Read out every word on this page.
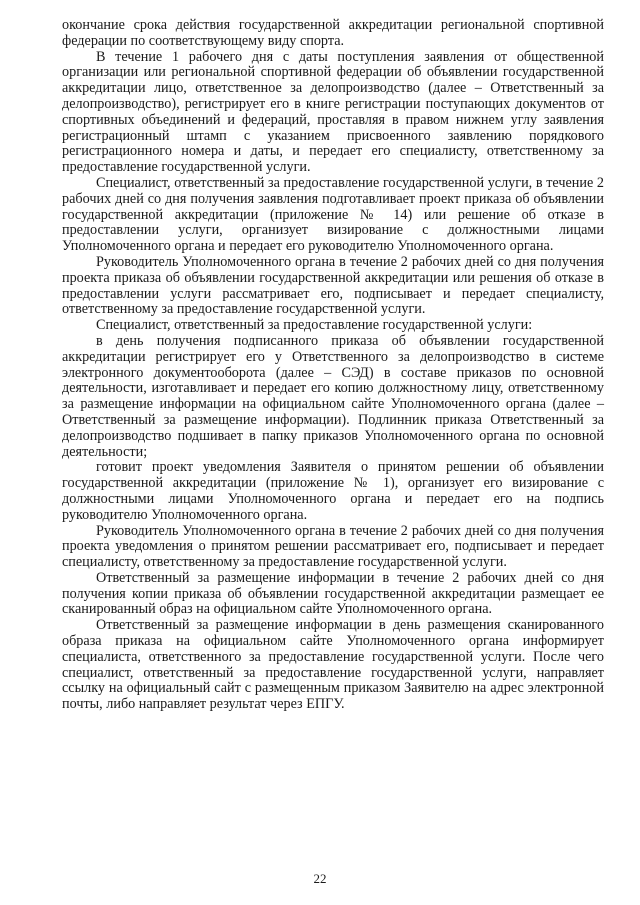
окончание срока действия государственной аккредитации региональной спортивной федерации по соответствующему виду спорта.

В течение 1 рабочего дня с даты поступления заявления от общественной организации или региональной спортивной федерации об объявлении государственной аккредитации лицо, ответственное за делопроизводство (далее – Ответственный за делопроизводство), регистрирует его в книге регистрации поступающих документов от спортивных объединений и федераций, проставляя в правом нижнем углу заявления регистрационный штамп с указанием присвоенного заявлению порядкового регистрационного номера и даты, и передает его специалисту, ответственному за предоставление государственной услуги.

Специалист, ответственный за предоставление государственной услуги, в течение 2 рабочих дней со дня получения заявления подготавливает проект приказа об объявлении государственной аккредитации (приложение № 14) или решение об отказе в предоставлении услуги, организует визирование с должностными лицами Уполномоченного органа и передает его руководителю Уполномоченного органа.

Руководитель Уполномоченного органа в течение 2 рабочих дней со дня получения проекта приказа об объявлении государственной аккредитации или решения об отказе в предоставлении услуги рассматривает его, подписывает и передает специалисту, ответственному за предоставление государственной услуги.

Специалист, ответственный за предоставление государственной услуги:

в день получения подписанного приказа об объявлении государственной аккредитации регистрирует его у Ответственного за делопроизводство в системе электронного документооборота (далее – СЭД) в составе приказов по основной деятельности, изготавливает и передает его копию должностному лицу, ответственному за размещение информации на официальном сайте Уполномоченного органа (далее – Ответственный за размещение информации). Подлинник приказа Ответственный за делопроизводство подшивает в папку приказов Уполномоченного органа по основной деятельности;

готовит проект уведомления Заявителя о принятом решении об объявлении государственной аккредитации (приложение № 1), организует его визирование с должностными лицами Уполномоченного органа и передает его на подпись руководителю Уполномоченного органа.

Руководитель Уполномоченного органа в течение 2 рабочих дней со дня получения проекта уведомления о принятом решении рассматривает его, подписывает и передает специалисту, ответственному за предоставление государственной услуги.

Ответственный за размещение информации в течение 2 рабочих дней со дня получения копии приказа об объявлении государственной аккредитации размещает ее сканированный образ на официальном сайте Уполномоченного органа.

Ответственный за размещение информации в день размещения сканированного образа приказа на официальном сайте Уполномоченного органа информирует специалиста, ответственного за предоставление государственной услуги. После чего специалист, ответственный за предоставление государственной услуги, направляет ссылку на официальный сайт с размещенным приказом Заявителю на адрес электронной почты, либо направляет результат через ЕПГУ.

22
